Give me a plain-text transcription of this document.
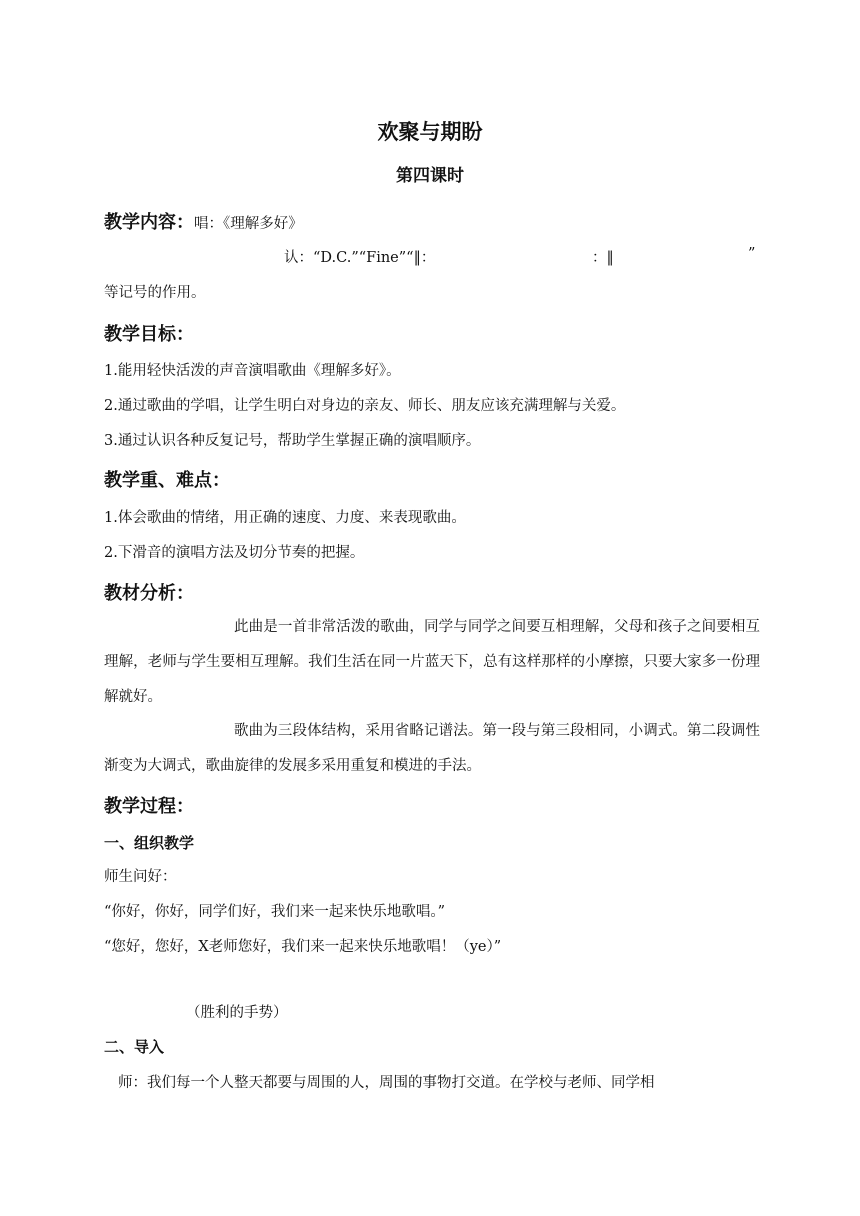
欢聚与期盼
第四课时
教学内容：唱：《理解多好》
认：“D.C.”“Fine”“‖：	：‖	”
等记号的作用。
教学目标：
1.能用轻快活泼的声音演唱歌曲《理解多好》。
2.通过歌曲的学唱，让学生明白对身边的亲友、师长、朋友应该充满理解与关爱。
3.通过认识各种反复记号，帮助学生掌握正确的演唱顺序。
教学重、难点：
1.体会歌曲的情绪，用正确的速度、力度、来表现歌曲。
2.下滑音的演唱方法及切分节奏的把握。
教材分析：
此曲是一首非常活泼的歌曲，同学与同学之间要互相理解，父母和孩子之间要相互理解，老师与学生要相互理解。我们生活在同一片蓝天下，总有这样那样的小摩擦，只要大家多一份理解就好。
歌曲为三段体结构，采用省略记谱法。第一段与第三段相同，小调式。第二段调性渐变为大调式，歌曲旋律的发展多采用重复和模进的手法。
教学过程：
一、组织教学
师生问好：
“你好，你好，同学们好，我们来一起来快乐地歌唱。”
“您好，您好，X老师您好，我们来一起来快乐地歌唱！（ye）”
（胜利的手势）
二、导入
师：我们每一个人整天都要与周围的人，周围的事物打交道。在学校与老师、同学相
